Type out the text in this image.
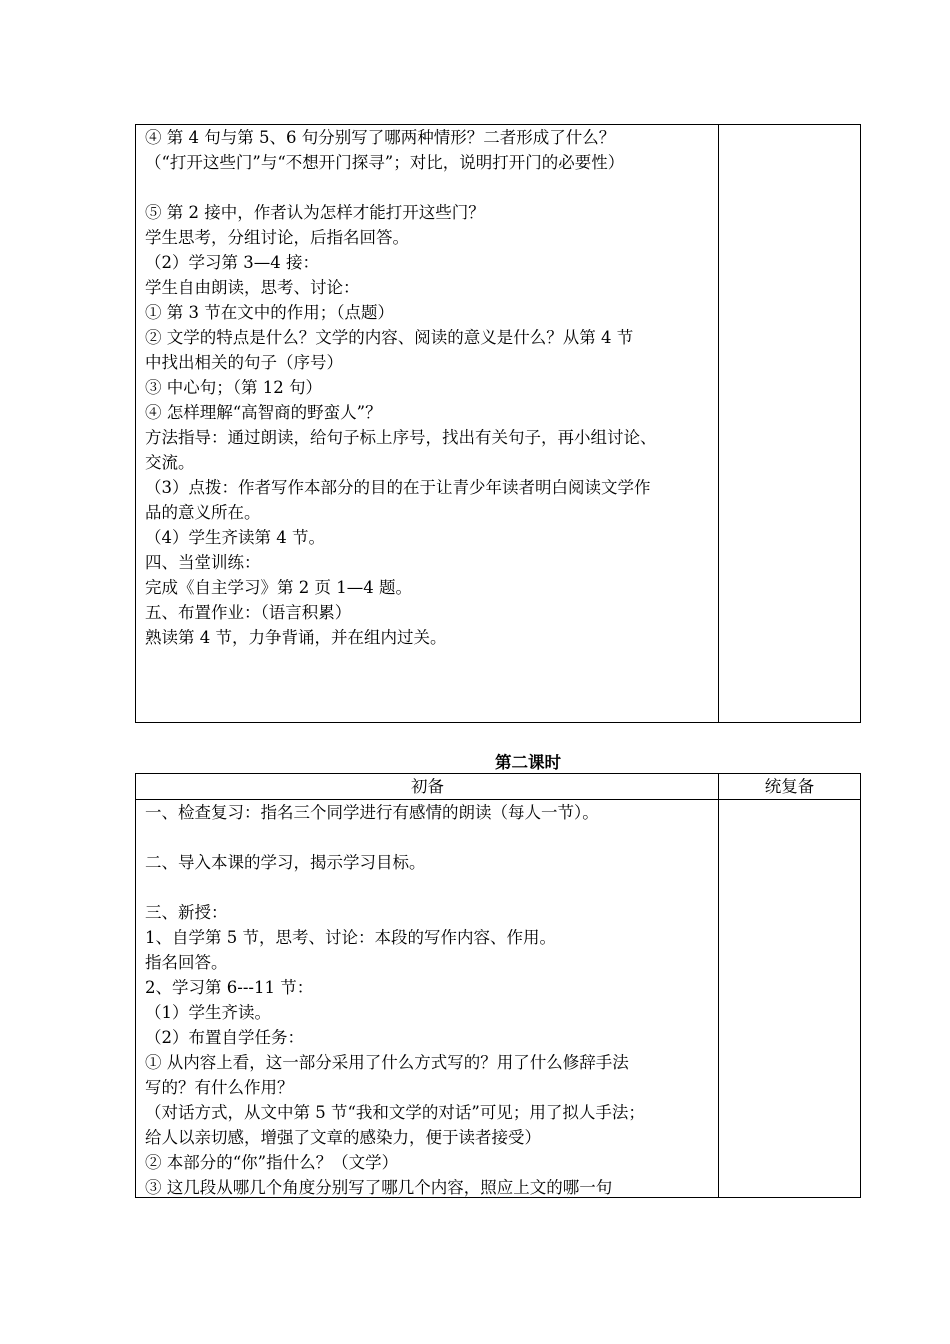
④ 第 4 句与第 5、6 句分别写了哪两种情形？二者形成了什么？
（“打开这些门”与“不想开门探寻”；对比，说明打开门的必要性）
⑤ 第 2 接中，作者认为怎样才能打开这些门？
学生思考，分组讨论，后指名回答。
（2）学习第 3—4 接：
学生自由朗读，思考、讨论：
① 第 3 节在文中的作用；（点题）
② 文学的特点是什么？文学的内容、阅读的意义是什么？从第 4 节
中找出相关的句子（序号）
③ 中心句；（第 12 句）
④ 怎样理解“高智商的野蛮人”？
方法指导：通过朗读，给句子标上序号，找出有关句子，再小组讨论、
交流。
（3）点拨：作者写作本部分的目的在于让青少年读者明白阅读文学作
品的意义所在。
（4）学生齐读第 4 节。
四、当堂训练：
完成《自主学习》第 2 页 1—4 题。
五、布置作业：（语言积累）
熟读第 4 节，力争背诵，并在组内过关。
第二课时
初备	统复备
一、检查复习：指名三个同学进行有感情的朗读（每人一节）。
二、导入本课的学习，揭示学习目标。
三、新授：
1、自学第 5 节，思考、讨论：本段的写作内容、作用。
指名回答。
2、学习第 6---11 节：
（1）学生齐读。
（2）布置自学任务：
① 从内容上看，这一部分采用了什么方式写的？用了什么修辞手法
写的？有什么作用？
（对话方式，从文中第 5 节“我和文学的对话”可见；用了拟人手法；
给人以亲切感，增强了文章的感染力，便于读者接受）
② 本部分的“你”指什么？（文学）
③ 这几段从哪几个角度分别写了哪几个内容，照应上文的哪一句
